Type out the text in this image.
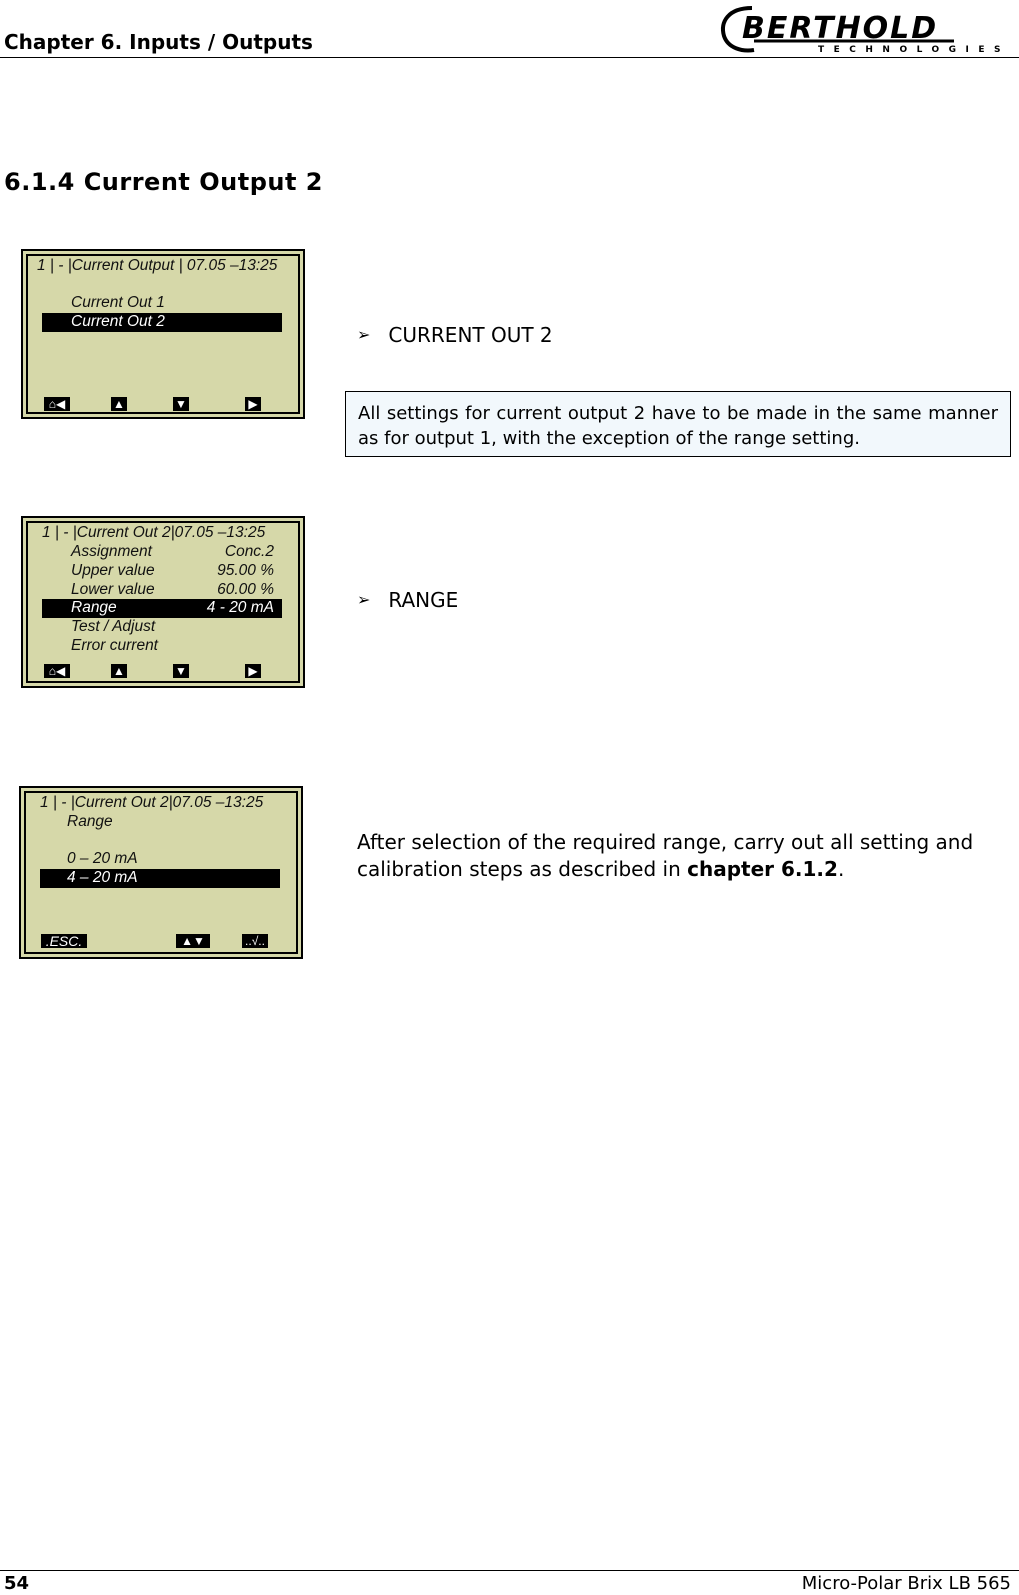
Chapter 6. Inputs / Outputs	BERTHOLD
TECHNOLOGIES
6.1.4 Current Output 2
1 | - |Current Output | 07.05 –13:25
Current Out 1
Current Out 2
⌂◀	▲	▼	▶
➢ CURRENT OUT 2
All settings for current output 2 have to be made in the same manner as for output 1, with the exception of the range setting.
1 | - |Current Out 2|07.05 –13:25
Assignment	Conc.2
Upper value	95.00 %
Lower value	60.00 %
Range	4 - 20 mA
Test / Adjust
Error current
⌂◀	▲	▼	▶
➢ RANGE
1 | - |Current Out 2|07.05 –13:25
Range
0 – 20 mA
4 – 20 mA
.ESC.	▲▼	..√..
After selection of the required range, carry out all setting and calibration steps as described in chapter 6.1.2.
54	Micro-Polar Brix LB 565
